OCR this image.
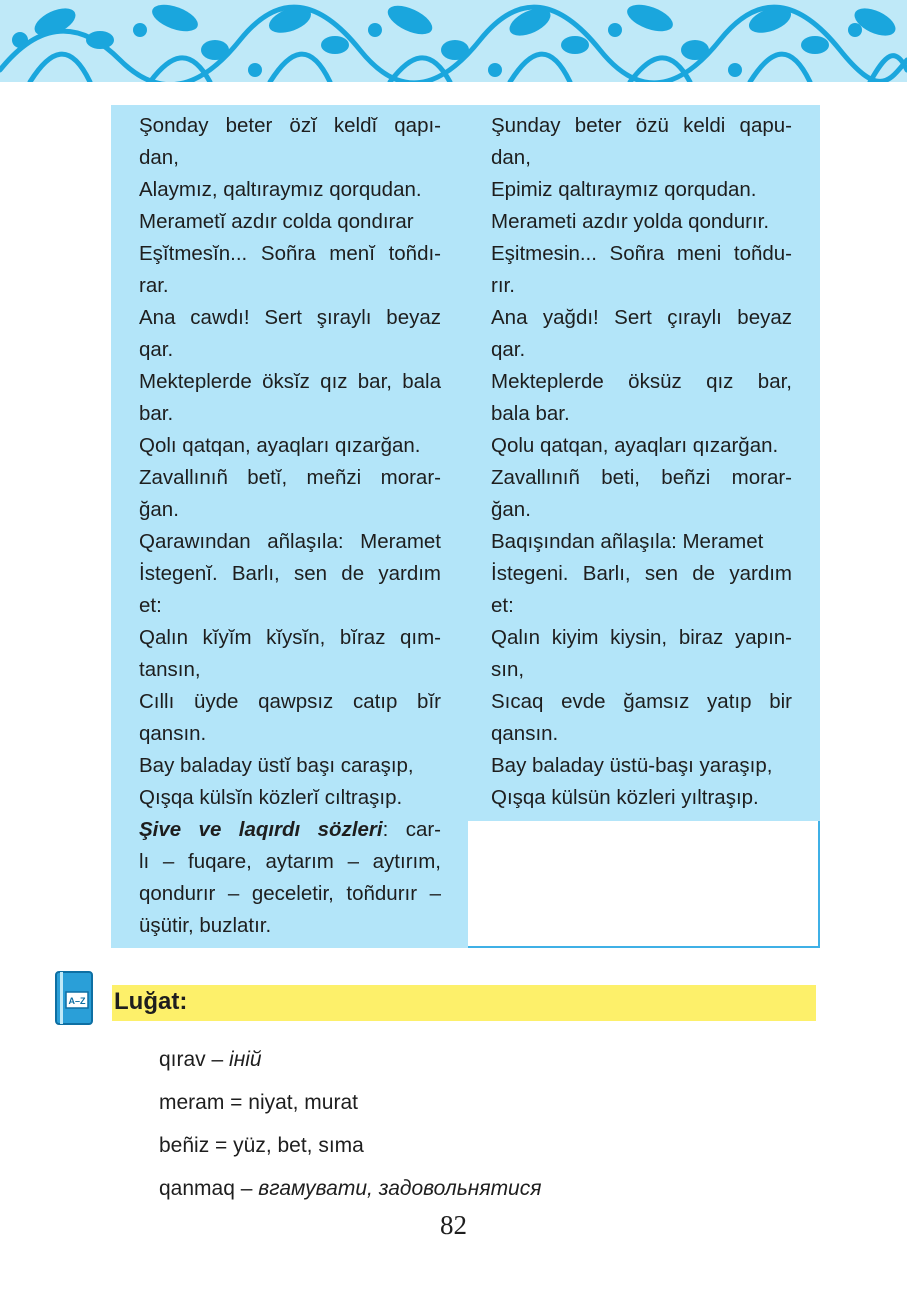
Şonday beter özĭ keldĭ qapı-
dan,
Alaymız, qaltıraymız qorqudan.
Merametĭ azdır colda qondırar
Eşĭtmesĭn... Soñra menĭ toñdı-
rar.
Ana cawdı! Sert şıraylı beyaz
qar.
Mekteplerde öksĭz qız bar, bala
bar.
Qolı qatqan, ayaqları qızarğan.
Zavallınıñ betĭ, meñzi morar-
ğan.
Qarawından añlaşıla: Meramet
İstegenĭ. Barlı, sen de yardım
et:
Qalın kĭyĭm kĭysĭn, bĭraz qım-
tansın,
Cıllı üyde qawpsız catıp bĭr
qansın.
Bay baladay üstĭ başı caraşıp,
Qışqa külsĭn közlerĭ cıltraşıp.
Şive ve laqırdı sözleri: car-
lı – fuqare, aytarım – aytırım,
qondurır – geceletir, toñdurır –
üşütir, buzlatır.
Şunday beter özü keldi qapu-
dan,
Epimiz qaltıraymız qorqudan.
Merameti azdır yolda qondurır.
Eşitmesin... Soñra meni toñdu-
rır.
Ana yağdı! Sert çıraylı beyaz
qar.
Mekteplerde öksüz qız bar,
bala bar.
Qolu qatqan, ayaqları qızarğan.
Zavallınıñ beti, beñzi morar-
ğan.
Baqışından añlaşıla: Meramet
İstegeni. Barlı, sen de yardım
et:
Qalın kiyim kiysin, biraz yapın-
sın,
Sıcaq evde ğamsız yatıp bir
qansın.
Bay baladay üstü-başı yaraşıp,
Qışqa külsün közleri yıltraşıp.
A–Z Luğat:
qırav – іній
meram = niyat, murat
beñiz = yüz, bet, sıma
qanmaq – вгамувати, задовольнятися
82
